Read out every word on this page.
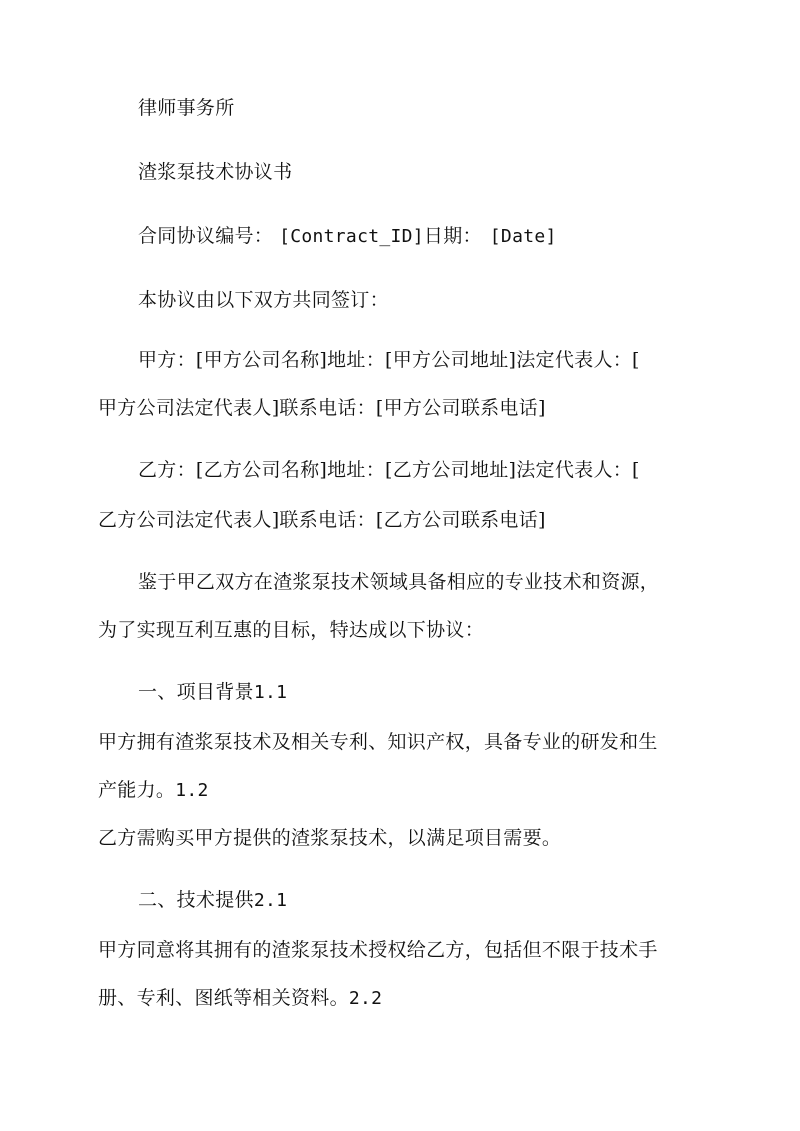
律师事务所
渣浆泵技术协议书
合同协议编号： [Contract_ID]日期： [Date]
本协议由以下双方共同签订：
甲方：[甲方公司名称]地址：[甲方公司地址]法定代表人：[
甲方公司法定代表人]联系电话：[甲方公司联系电话]
乙方：[乙方公司名称]地址：[乙方公司地址]法定代表人：[
乙方公司法定代表人]联系电话：[乙方公司联系电话]
鉴于甲乙双方在渣浆泵技术领域具备相应的专业技术和资源，
为了实现互利互惠的目标，特达成以下协议：
一、项目背景1.1
甲方拥有渣浆泵技术及相关专利、知识产权，具备专业的研发和生
产能力。1.2
乙方需购买甲方提供的渣浆泵技术，以满足项目需要。
二、技术提供2.1
甲方同意将其拥有的渣浆泵技术授权给乙方，包括但不限于技术手
册、专利、图纸等相关资料。2.2
